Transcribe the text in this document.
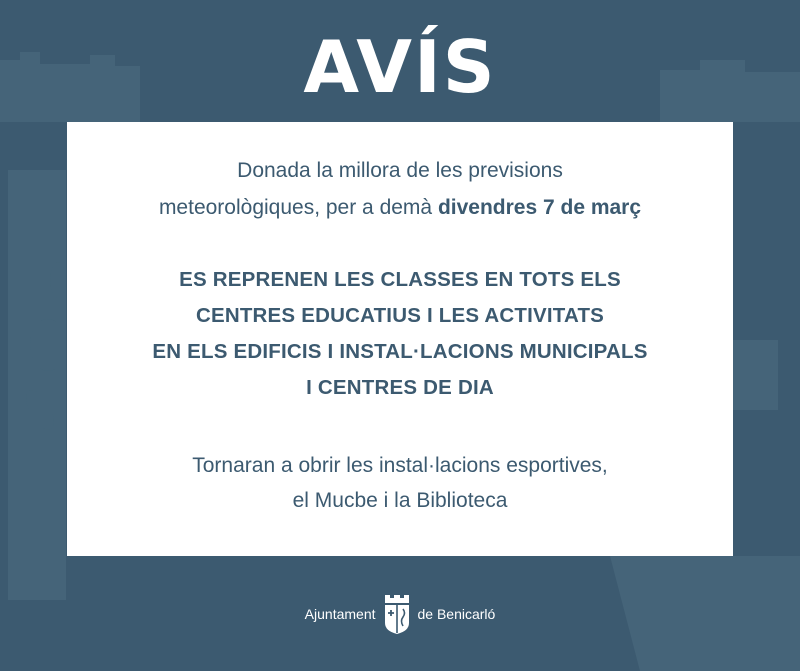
AVÍS
Donada la millora de les previsions
meteorològiques, per a demà divendres 7 de març
ES REPRENEN LES CLASSES EN TOTS ELS
CENTRES EDUCATIUS I LES ACTIVITATS
EN ELS EDIFICIS I INSTAL·LACIONS MUNICIPALS
I CENTRES DE DIA
Tornaran a obrir les instal·lacions esportives,
el Mucbe i la Biblioteca
Ajuntament	de Benicarló
